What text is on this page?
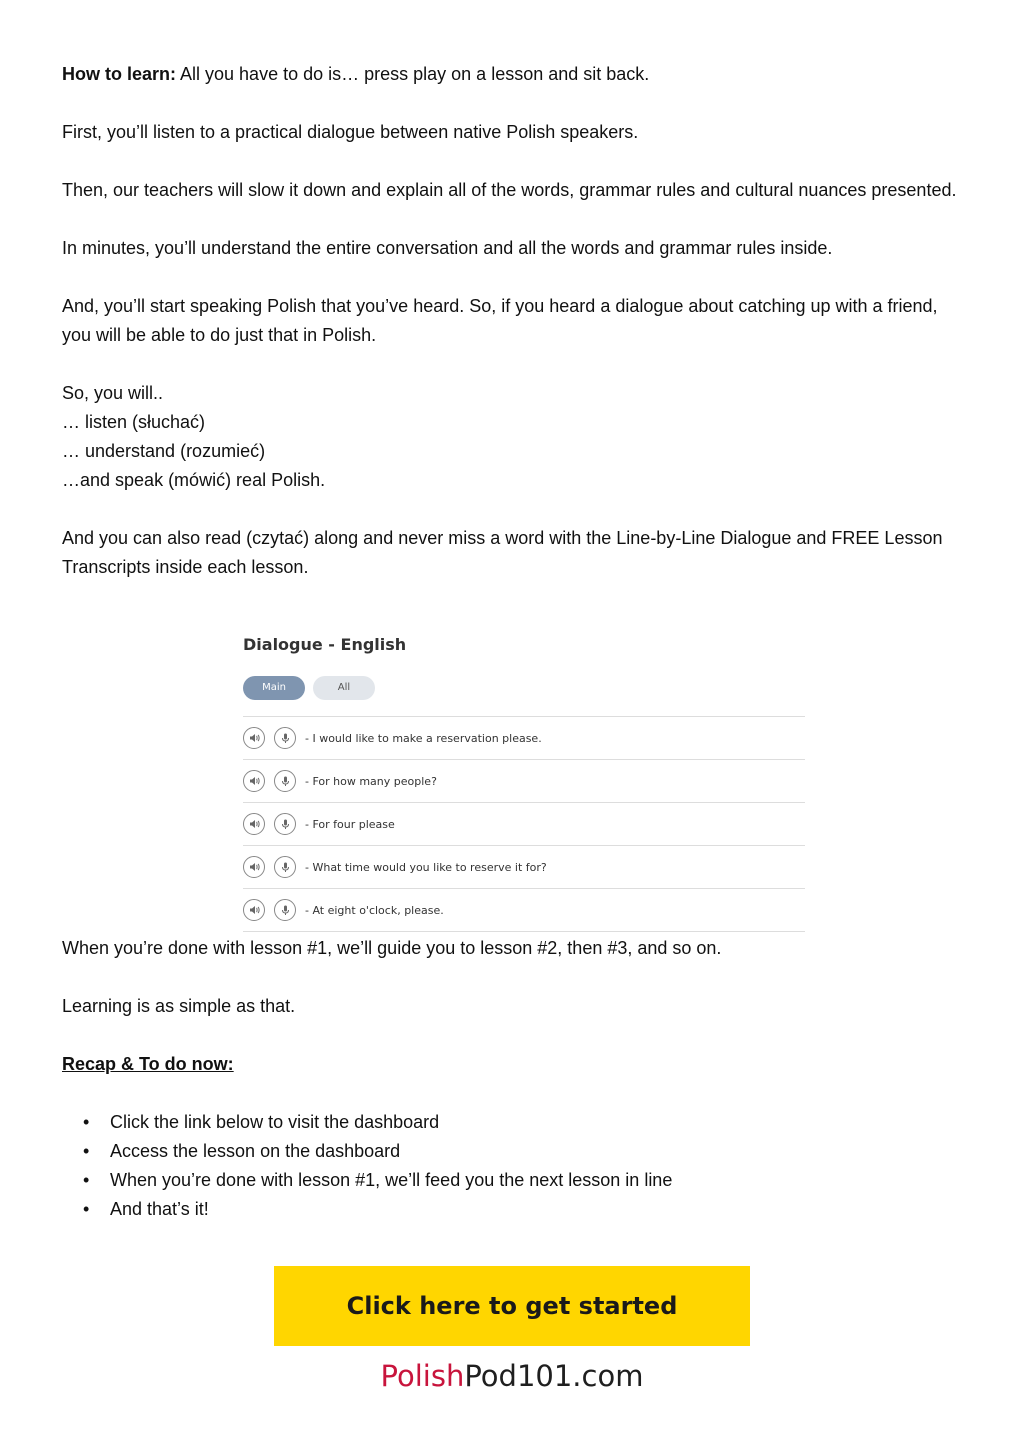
How to learn: All you have to do is… press play on a lesson and sit back.

First, you’ll listen to a practical dialogue between native Polish speakers.

Then, our teachers will slow it down and explain all of the words, grammar rules and cultural nuances presented.

In minutes, you’ll understand the entire conversation and all the words and grammar rules inside.

And, you’ll start speaking Polish that you’ve heard. So, if you heard a dialogue about catching up with a friend, you will be able to do just that in Polish.

So, you will..
… listen (słuchać)
… understand (rozumieć)
…and speak (mówić) real Polish.

And you can also read (czytać) along and never miss a word with the Line-by-Line Dialogue and FREE Lesson Transcripts inside each lesson.

When you’re done with lesson #1, we’ll guide you to lesson #2, then #3, and so on.

Learning is as simple as that.

Recap & To do now:

• Click the link below to visit the dashboard
• Access the lesson on the dashboard
• When you’re done with lesson #1, we’ll feed you the next lesson in line
• And that’s it!
Dialogue - English
Main	All
- I would like to make a reservation please.
- For how many people?
- For four please
- What time would you like to reserve it for?
- At eight o'clock, please.
Click here to get started
PolishPod101.com
